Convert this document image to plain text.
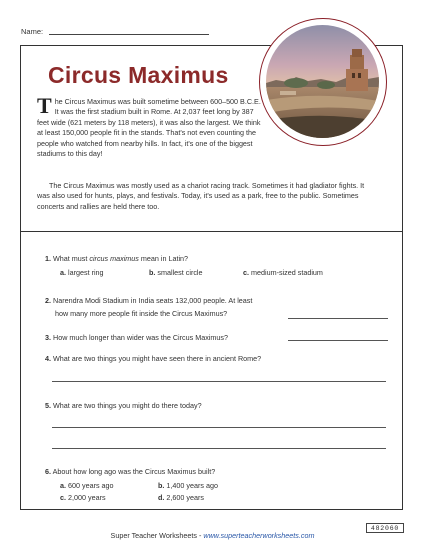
Name:
Circus Maximus
The Circus Maximus was built sometime between 600–500 B.C.E. It was the first stadium built in Rome. At 2,037 feet long by 387 feet wide (621 meters by 118 meters), it was also the largest. We think at least 150,000 people fit in the stands. That's not even counting the people who watched from nearby hills. In fact, it's one of the biggest stadiums to this day!
The Circus Maximus was mostly used as a chariot racing track. Sometimes it had gladiator fights. It was also used for hunts, plays, and festivals. Today, it's used as a park, free to the public. Sometimes concerts and rallies are held there too.
1. What must circus maximus mean in Latin?
a. largest ring	b. smallest circle	c. medium-sized stadium
2. Narendra Modi Stadium in India seats 132,000 people. At least
how many more people fit inside the Circus Maximus?
3. How much longer than wider was the Circus Maximus?
4. What are two things you might have seen there in ancient Rome?
5. What are two things you might do there today?
6. About how long ago was the Circus Maximus built?
a. 600 years ago	b. 1,400 years ago
c. 2,000 years	d. 2,600 years
Super Teacher Worksheets - www.superteacherworksheets.com
482060
